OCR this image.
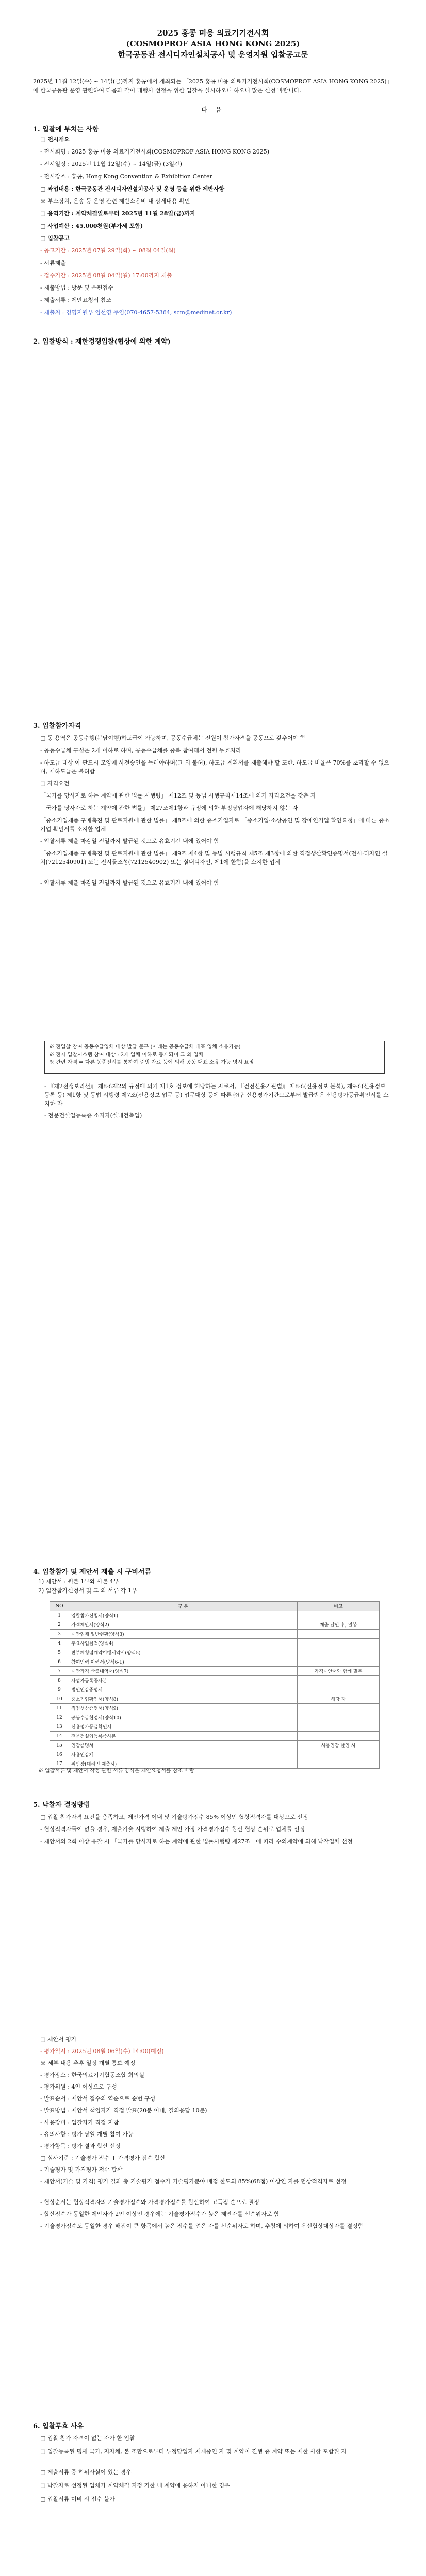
2025 홍콩 미용 의료기기전시회
(COSMOPROF ASIA HONG KONG 2025)
한국공동관 전시디자인설치공사 및 운영지원 입찰공고문
2025년 11월 12일(수) ~ 14일(금)까지 홍콩에서 개최되는 「2025 홍콩 미용 의료기기전시회(COSMOPROF ASIA HONG KONG 2025)」에 한국공동관 운영 관련하여 다음과 같이 대행사 선정을 위한 입찰을 실시하오니 하오니 많은 신청 바랍니다.
- 다 음 -
1. 입찰에 부치는 사항
□ 전시개요
- 전시회명 : 2025 홍콩 미용 의료기기전시회(COSMOPROF ASIA HONG KONG 2025)
- 전시일정 : 2025년 11월 12일(수) ~ 14일(금) (3일간)
- 전시장소 : 홍콩, Hong Kong Convention & Exhibition Center
□ 과업내용 : 한국공동관 전시디자인설치공사 및 운영 등을 위한 제반사항
※ 부스장치, 운송 등 운영 관련 제반소용비 내 상세내용 확인
□ 용역기간 : 계약체결일로부터 2025년 11월 28일(금)까지
□ 사업예산 : 45,000천원(부가세 포함)
□ 입찰공고
- 공고기간 : 2025년 07월 29일(화) ~ 08월 04일(월)
- 서류제출
- 접수기간 : 2025년 08월 04일(월) 17:00까지 제출
- 제출방법 : 방문 및 우편접수
- 제출서류 : 제안요청서 참조
- 제출처 : 경영지원부 임선영 주임(070-4657-5364, scm@medinet.or.kr)
2. 입찰방식 : 제한경쟁입찰(협상에 의한 계약)
3. 입찰참가자격
□ 동 용역은 공동수행(분담이행)하도급이 가능하며, 공동수급체는 전원이 참가자격을 공동으로 갖추어야 함
- 공동수급체 구성은 2개 이하로 하며, 공동수급체를 중복 참여해서 전원 무효처리
- 하도급 대상 아 판드시 모양에 사전승인을 득해야하며(그 외 불허), 하도급 계획서를 제출해야 할 또한, 하도급 비율은 70%를 초과할 수 없으며, 재하도급은 불허함
□ 자격요건
「국가를 당사자로 하는 계약에 관한 법률 시행령」 제12조 및 동법 시행규칙제14조에 의거 자격요건을 갖춘 자
「국가를 당사자로 하는 계약에 관한 법률」 제27조제1항과 규정에 의한 부정당업자에 해당하지 않는 자
「중소기업제품 구매촉진 및 판로지원에 관한 법률」 제8조에 의한 중소기업자로 「중소기업·소상공인 및 장애인기업 확인요청」에 따른 중소기업 확인서를 소지한 업체
- 입찰서류 제출 마감일 전일까지 발급된 것으로 유효기간 내에 있어야 함
「중소기업제품 구매촉진 및 판로지원에 관한 법률」 제9조 제4항 및 동법 시행규칙 제5조 제3항에 의한 직접생산확인증명서(전시·디자인 설치(7212540901) 또는 전시물조성(7212540902) 또는 실내디자인, 제1에 한함)을 소지한 업체
- 입찰서류 제출 마감일 전일까지 발급된 것으로 유효기간 내에 있어야 함
※ 전입찰 참여 공동수급업체 대상 발급 문구 (아래는 공동수급체 대표 업체 소유가능)
※ 전자 입찰시스템 참여 대상 : 2개 업체 이하로 등재되며 그 외 업체
※ 관련 자격 ⇒ 다른 동종전시를 통하여 증빙 자료 등에 의해 공동 대표 소유 가능 명시 요망
- 『제2전생보리선』 제8조제2의 규정에 의거 제1호 정보에 해당하는 자로서, 『건전신용기관법』 제8조(신용정보 분석), 제9조(신용정보 등록 등) 제1항 및 동법 시행령 제7조(신용정보 업무 등) 업무대상 등에 따른 ㈜구 신용평가기관으로부터 발급받은 신용평가등급확인서를 소지한 자
- 전문건설업등록증 소지자(실내건축업)
4. 입찰참가 및 제안서 제출 시 구비서류
1) 제안서 : 원본 1부와 사본 4부
2) 입찰참가신청서 및 그 외 서류 각 1부
NO	구 분	비고
1	입찰참가신청서(양식1)	
2	가격제안서(양식2)	제출 날인 후, 밀봉
3	제안업체 일반현황(양식3)	
4	주요사업실적(양식4)	
5	반부패청렴계약이행서약서(양식5)	
6	참여인력 이력서(양식6-1)	
7	제안가격 산출내역서(양식7)	가격제안서와 함께 밀봉
8	사업자등록증사본	
9	법인인감증명서	
10	중소기업확인서(양식8)	해당 자
11	직접생산증명서(양식9)	
12	공동수급협정서(양식10)	
13	신용평가등급확인서	
14	전문건설업등록증사본	
15	인감증명서	사용인감 날인 시
16	사용인감계	
17	위임장(대리인 제출시)	
※ 입찰서류 및 제안서 작성 관련 서류 양식은 제안요청서를 참조 바람
5. 낙찰자 결정방법
□ 입찰 참가자격 요건을 충족하고, 제안가격 이내 및 기술평가점수 85% 이상인 협상적격자를 대상으로 선정
- 협상적격자들이 없을 경우, 제출기술 시행하여 제출 제안 가장 가격평가점수 합산 협상 순위로 업체를 선정
- 제안서의 2회 이상 유찰 시 「국가를 당사자로 하는 계약에 관한 법률시행령 제27조」에 따라 수의계약에 의해 낙찰업체 선정
□ 제안서 평가
- 평가일시 : 2025년 08월 06일(수) 14:00(예정)
※ 세부 내용 추후 일정 개별 통보 예정
- 평가장소 : 한국의료기기협동조합 회의실
- 평가위원 : 4인 이상으로 구성
- 발표순서 : 제안서 접수의 역순으로 순번 구성
- 발표방법 : 제안서 책임자가 직접 발표(20분 이내, 질의응답 10분)
- 사용장비 : 입찰자가 직접 지참
- 유의사항 : 평가 당일 개별 참여 가능
- 평가항목 : 평가 결과 합산 선정
□ 심사기준 : 기술평가 점수 + 가격평가 점수 합산
- 기술평가 및 가격평가 점수 합산
- 제안서(기술 및 가격) 평가 결과 총 기술평가 점수가 기술평가분야 배점 한도의 85%(68점) 이상인 자를 협상적격자로 선정
- 협상순서는 협상적격자의 기술평가점수와 가격평가점수를 합산하여 고득점 순으로 결정
- 합산점수가 동일한 제안자가 2인 이상인 경우에는 기술평가점수가 높은 제안자를 선순위자로 함
- 기술평가점수도 동일한 경우 배점이 큰 항목에서 높은 점수를 얻은 자를 선순위자로 하며, 추첨에 의하여 우선협상대상자를 결정함
6. 입찰무효 사유
□ 입찰 참가 자격이 없는 자가 한 입찰
□ 입찰등록된 명세 국가, 지자체, 본 조합으로부터 부정당업자 제재중인 자 및 계약이 진행 중 계약 또는 제한 사항 포함된 자
□ 제출서류 중 허위사실이 있는 경우
□ 낙찰자로 선정된 업체가 계약체결 지정 기한 내 계약에 응하지 아니한 경우
□ 입찰서류 미비 시 접수 불가
